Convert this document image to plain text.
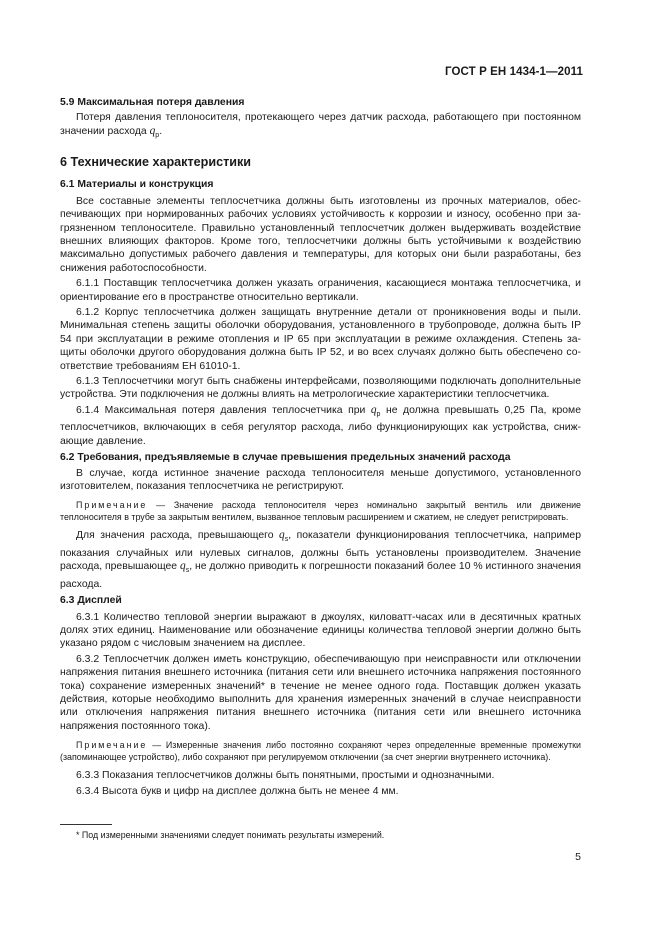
ГОСТ Р ЕН 1434-1—2011

5.9 Максимальная потеря давления

Потеря давления теплоносителя, протекающего через датчик расхода, работающего при постоянном значении расхода $q_p$.

6 Технические характеристики

6.1 Материалы и конструкция

Все составные элементы теплосчетчика должны быть изготовлены из прочных материалов, обеспечивающих при нормированных рабочих условиях устойчивость к коррозии и износу, особенно при загрязненном теплоносителе. Правильно установленный теплосчетчик должен выдерживать воздействие внешних влияющих факторов. Кроме того, теплосчетчики должны быть устойчивыми к воздействию максимально допустимых рабочего давления и температуры, для которых они были разработаны, без снижения работоспособности.

6.1.1 Поставщик теплосчетчика должен указать ограничения, касающиеся монтажа теплосчетчика, и ориентирование его в пространстве относительно вертикали.

6.1.2 Корпус теплосчетчика должен защищать внутренние детали от проникновения воды и пыли. Минимальная степень защиты оболочки оборудования, установленного в трубопроводе, должна быть IP 54 при эксплуатации в режиме отопления и IP 65 при эксплуатации в режиме охлаждения. Степень защиты оболочки другого оборудования должна быть IP 52, и во всех случаях должно быть обеспечено соответствие требованиям ЕН 61010-1.

6.1.3 Теплосчетчики могут быть снабжены интерфейсами, позволяющими подключать дополнительные устройства. Эти подключения не должны влиять на метрологические характеристики теплосчетчика.

6.1.4 Максимальная потеря давления теплосчетчика при $q_p$ не должна превышать 0,25 Па, кроме теплосчетчиков, включающих в себя регулятор расхода, либо функционирующих как устройства, снижающие давление.

6.2 Требования, предъявляемые в случае превышения предельных значений расхода

В случае, когда истинное значение расхода теплоносителя меньше допустимого, установленного изготовителем, показания теплосчетчика не регистрируют.

Примечание — Значение расхода теплоносителя через номинально закрытый вентиль или движение теплоносителя в трубе за закрытым вентилем, вызванное тепловым расширением и сжатием, не следует регистрировать.

Для значения расхода, превышающего $q_s$, показатели функционирования теплосчетчика, например показания случайных или нулевых сигналов, должны быть установлены производителем. Значение расхода, превышающее $q_s$, не должно приводить к погрешности показаний более 10 % истинного значения расхода.

6.3 Дисплей

6.3.1 Количество тепловой энергии выражают в джоулях, киловатт-часах или в десятичных кратных долях этих единиц. Наименование или обозначение единицы количества тепловой энергии должно быть указано рядом с числовым значением на дисплее.

6.3.2 Теплосчетчик должен иметь конструкцию, обеспечивающую при неисправности или отключении напряжения питания внешнего источника (питания сети или внешнего источника напряжения постоянного тока) сохранение измеренных значений* в течение не менее одного года. Поставщик должен указать действия, которые необходимо выполнить для хранения измеренных значений в случае неисправности или отключения напряжения питания внешнего источника (питания сети или внешнего источника напряжения постоянного тока).

Примечание — Измеренные значения либо постоянно сохраняют через определенные временные промежутки (запоминающее устройство), либо сохраняют при регулируемом отключении (за счет энергии внутреннего источника).

6.3.3 Показания теплосчетчиков должны быть понятными, простыми и однозначными.

6.3.4 Высота букв и цифр на дисплее должна быть не менее 4 мм.

* Под измеренными значениями следует понимать результаты измерений.
5
